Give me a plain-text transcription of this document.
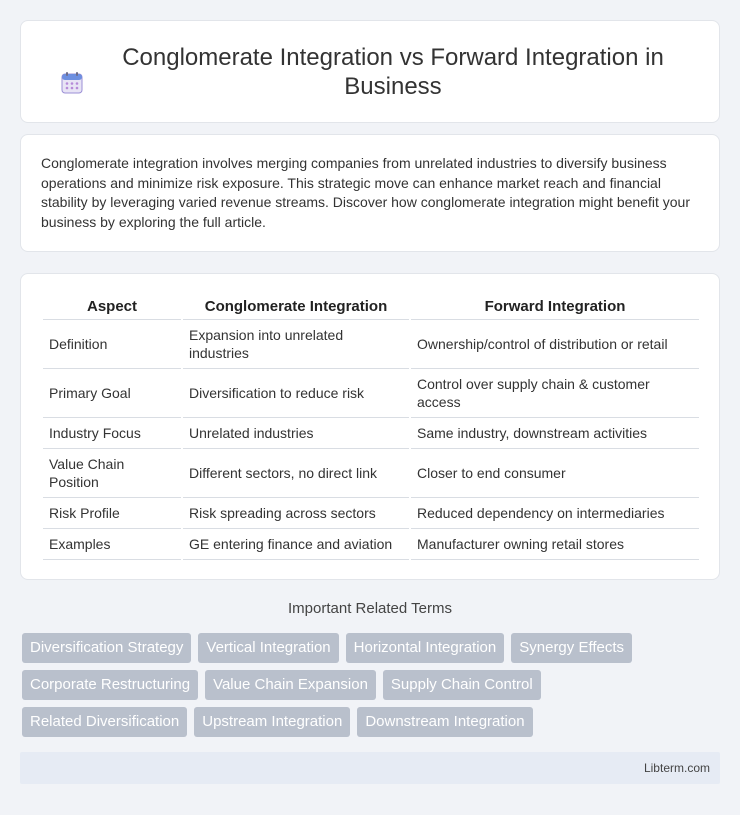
Conglomerate Integration vs Forward Integration in Business

Conglomerate integration involves merging companies from unrelated industries to diversify business operations and minimize risk exposure. This strategic move can enhance market reach and financial stability by leveraging varied revenue streams. Discover how conglomerate integration might benefit your business by exploring the full article.

Aspect	Conglomerate Integration	Forward Integration
Definition	Expansion into unrelated industries	Ownership/control of distribution or retail
Primary Goal	Diversification to reduce risk	Control over supply chain & customer access
Industry Focus	Unrelated industries	Same industry, downstream activities
Value Chain Position	Different sectors, no direct link	Closer to end consumer
Risk Profile	Risk spreading across sectors	Reduced dependency on intermediaries
Examples	GE entering finance and aviation	Manufacturer owning retail stores
Important Related Terms
Diversification Strategy	Vertical Integration	Horizontal Integration	Synergy Effects
Corporate Restructuring	Value Chain Expansion	Supply Chain Control
Related Diversification	Upstream Integration	Downstream Integration
Libterm.com
